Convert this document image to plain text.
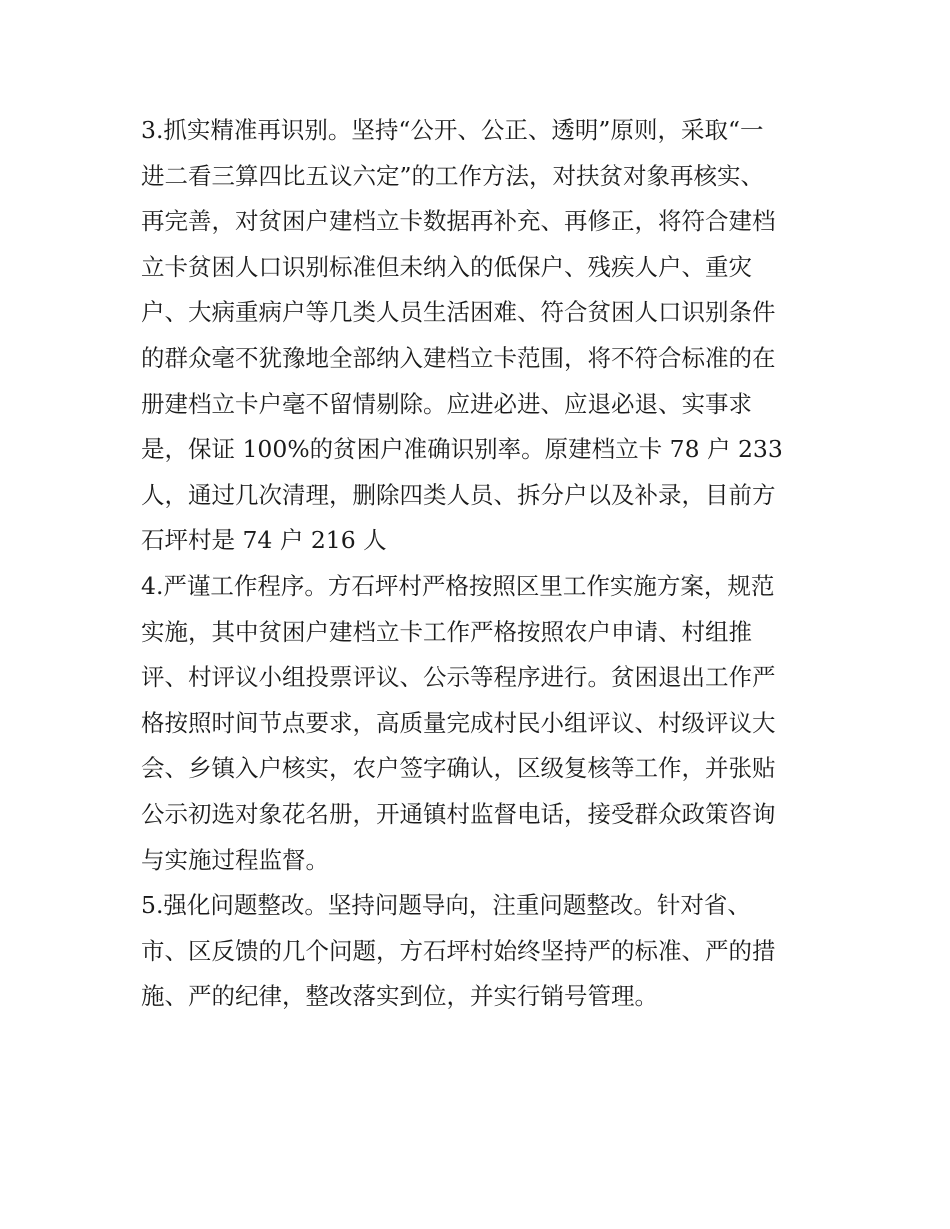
3.抓实精准再识别。坚持“公开、公正、透明”原则，采取“一
进二看三算四比五议六定”的工作方法，对扶贫对象再核实、
再完善，对贫困户建档立卡数据再补充、再修正，将符合建档
立卡贫困人口识别标准但未纳入的低保户、残疾人户、重灾
户、大病重病户等几类人员生活困难、符合贫困人口识别条件
的群众毫不犹豫地全部纳入建档立卡范围，将不符合标准的在
册建档立卡户毫不留情剔除。应进必进、应退必退、实事求
是，保证 100%的贫困户准确识别率。原建档立卡 78 户 233
人，通过几次清理，删除四类人员、拆分户以及补录，目前方
石坪村是 74 户 216 人
4.严谨工作程序。方石坪村严格按照区里工作实施方案，规范
实施，其中贫困户建档立卡工作严格按照农户申请、村组推
评、村评议小组投票评议、公示等程序进行。贫困退出工作严
格按照时间节点要求，高质量完成村民小组评议、村级评议大
会、乡镇入户核实，农户签字确认，区级复核等工作，并张贴
公示初选对象花名册，开通镇村监督电话，接受群众政策咨询
与实施过程监督。
5.强化问题整改。坚持问题导向，注重问题整改。针对省、
市、区反馈的几个问题，方石坪村始终坚持严的标准、严的措
施、严的纪律，整改落实到位，并实行销号管理。
